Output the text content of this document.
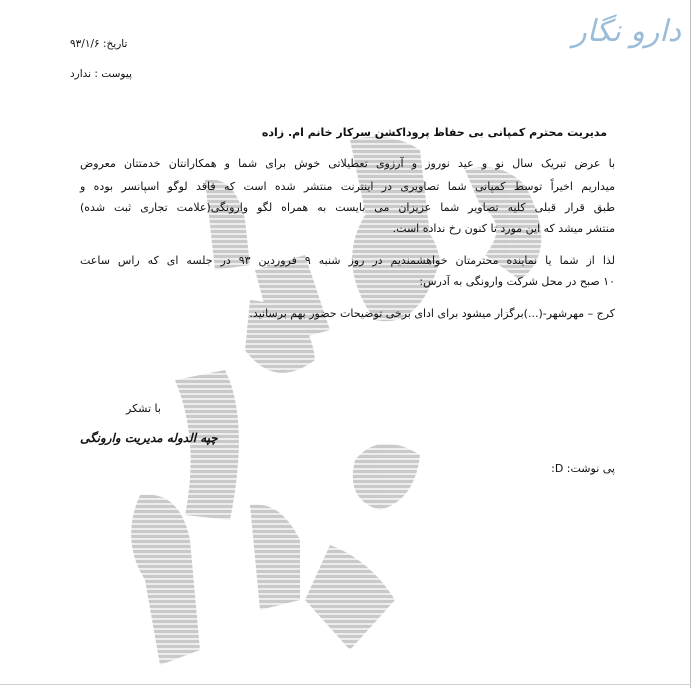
دارو نگار
تاریخ: ۹۳/۱/۶
پیوست : ندارد
مدیریت محترم کمپانی بی حفاظ پروداکشن سرکار خانم ام. زاده
با عرض تبریک سال نو و عید نوروز و آرزوی تعطیلاتی خوش برای شما و همکارانتان خدمتتان معروض
میداریم اخیراً توسط کمپانی شما تصاویری در اینترنت منتشر شده است که فاقد لوگو اسپانسر بوده و
طبق قرار قبلی کلیه تصاویر شما عزیزان می بایست به همراه لگو وارونگی(علامت تجاری ثبت شده)
منتشر میشد که این مورد تا کنون رخ نداده است.
لذا از شما یا نماینده محترمتان خواهشمندیم در روز شنبه ۹ فروردین ۹۳ در جلسه ای که راس ساعت
۱۰ صبح در محل شرکت وارونگی به آدرس:
کرج – مهرشهر-(...)برگزار میشود برای ادای برخی توضیحات حضور بهم برسانید.
با تشکر
چپه الدوله مدیریت وارونگی
پی نوشت: D:
